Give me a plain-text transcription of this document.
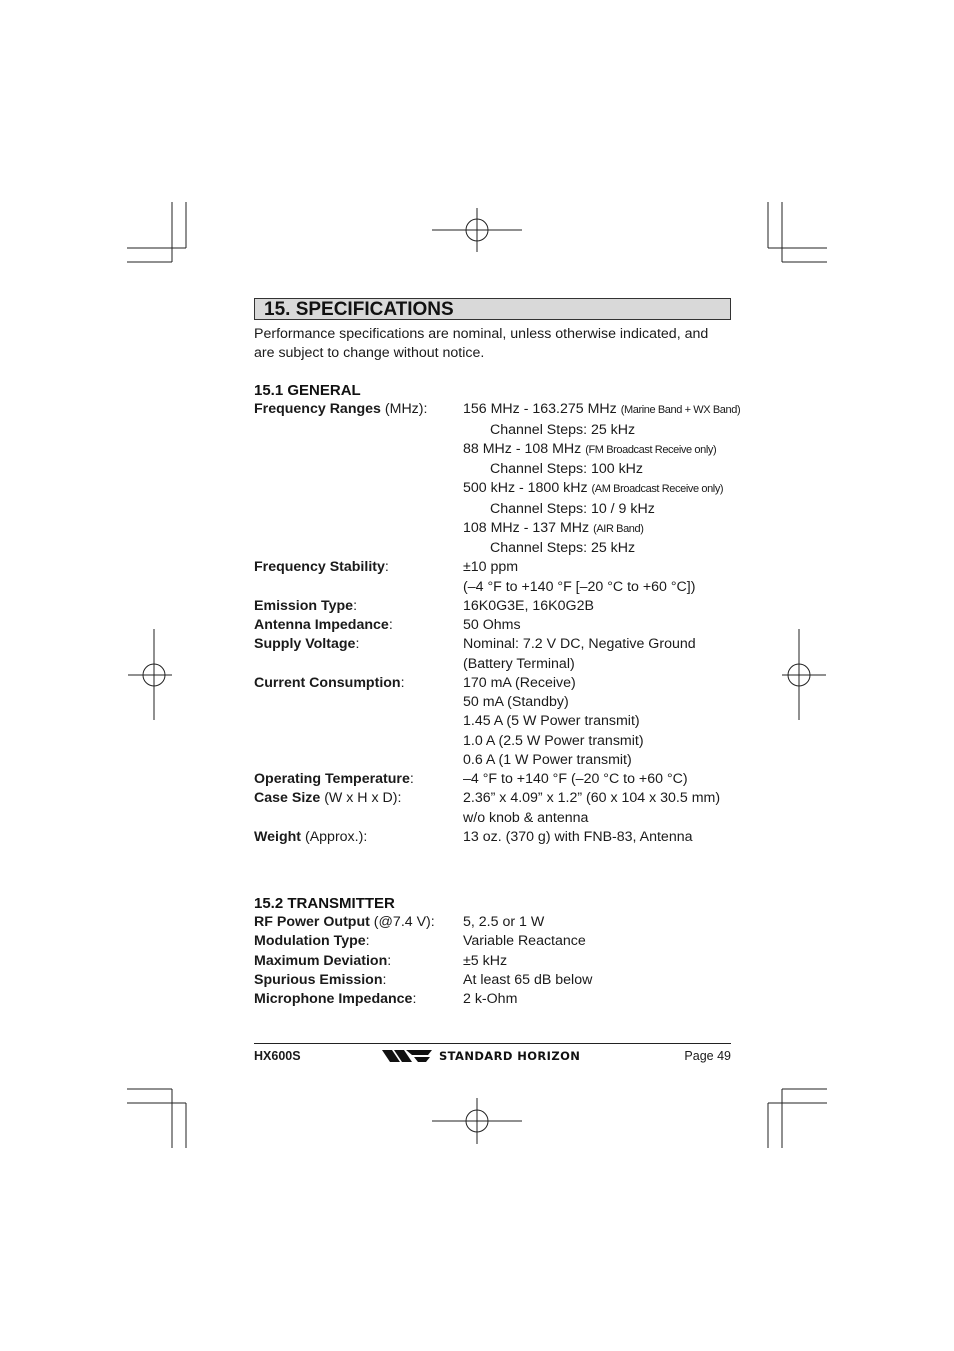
15. SPECIFICATIONS
Performance specifications are nominal, unless otherwise indicated, and are subject to change without notice.
15.1 GENERAL
Frequency Ranges (MHz):	156 MHz - 163.275 MHz (Marine Band + WX Band)
Channel Steps: 25 kHz
88 MHz - 108 MHz (FM Broadcast Receive only)
Channel Steps: 100 kHz
500 kHz - 1800 kHz (AM Broadcast Receive only)
Channel Steps: 10 / 9 kHz
108 MHz - 137 MHz (AIR Band)
Channel Steps: 25 kHz
Frequency Stability:	±10 ppm
(–4 °F to +140 °F [–20 °C to +60 °C])
Emission Type:	16K0G3E, 16K0G2B
Antenna Impedance:	50 Ohms
Supply Voltage:	Nominal: 7.2 V DC, Negative Ground
(Battery Terminal)
Current Consumption:	170 mA (Receive)
50 mA (Standby)
1.45 A (5 W Power transmit)
1.0 A (2.5 W Power transmit)
0.6 A (1 W Power transmit)
Operating Temperature:	–4 °F to +140 °F (–20 °C to +60 °C)
Case Size (W x H x D):	2.36” x 4.09” x 1.2” (60 x 104 x 30.5 mm)
w/o knob & antenna
Weight (Approx.):	13 oz. (370 g) with FNB-83, Antenna
15.2 TRANSMITTER
RF Power Output (@7.4 V):	5, 2.5 or 1 W
Modulation Type:	Variable Reactance
Maximum Deviation:	±5 kHz
Spurious Emission:	At least 65 dB below
Microphone Impedance:	2 k-Ohm
HX600S	STANDARD HORIZON	Page 49
